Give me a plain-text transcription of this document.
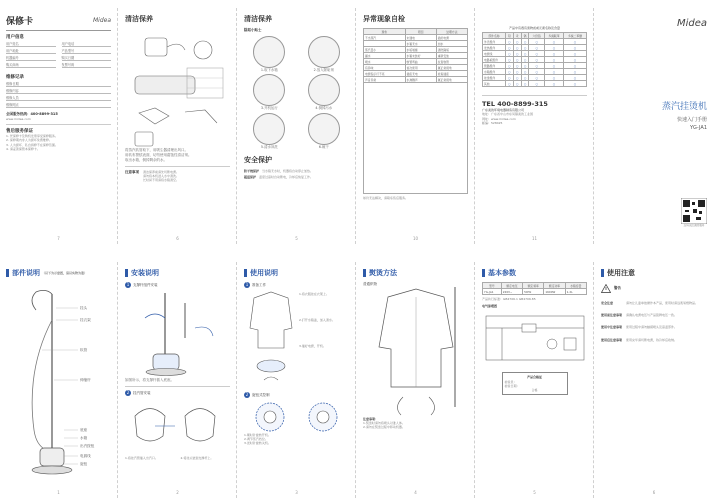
保修卡	Midea
用户信息
用户姓名	用户电话
用户地址	产品型号
机器编号	购买日期
购买商场	发票号码
维修记录
维修日期
维修内容
维修人员
维修网点
全国服务热线：400-8899-315
www.midea.com
售后服务保证
1. 凭保修卡及购机发票享受保修服务。
2. 保修期内非人为损坏免费维修。
3. 人为损坏、私自拆修不在保修范围。
4. 请妥善保管本保修卡。
7
清洁保养
将蒸汽软管取下，用吸尘器清理出风口。
用软布擦拭表面，切勿使用腐蚀性清洁剂。
取出水箱，倒掉剩余的水。
注意事项 清洁保养前请先切断电源。
请勿将本机浸入水中清洗。
长时间不用请将水箱清空。
6
清洁保养
除垢小贴士
1.取下水箱	2.放入除垢剂
3.开机运行	4.倒掉污水
5.清水冲洗	6.晾干
安全保护
防干烧保护 当水箱无水时，机器将自动停止加热。
超温保护 温度过高时自动断电，冷却后恢复工作。
5
异常现象自检
现象	原因	处理方法
不出蒸汽	未通电	插好电源
	水箱无水	加水
蒸汽量小	水垢堵塞	清洗除垢
漏水	水箱未装好	重新安装
喷水	软管弯曲	拉直软管
有异味	首次使用	属正常现象
电源指示灯不亮	插座无电	检查插座
声音异常	水沸腾声	属正常现象
如仍无法解决，请联系售后服务。
10
产品中有毒有害物质或元素名称及含量
部件名称	铅	汞	镉	六价铬	多溴联苯	多溴二苯醚
外壳组件	○	○	○	○	○	○
发热组件	○	○	○	○	○	○
电源线	○	○	○	○	○	○
电路板组件	○	○	○	○	○	○
管路组件	○	○	○	○	○	○
水箱组件	○	○	○	○	○	○
挂烫组件	○	○	○	○	○	○
其他	○	○	○	○	○	○
TEL 400-8899-315
广东美的环境电器制造有限公司
地址：广东省中山市东凤镇美的工业园
网址：www.midea.com
邮编：528425
11
Midea
蒸汽挂烫机
快速入门手册
YG-JA1
扫码关注美的服务
部件说明 （以下为示意图，请以实物为准）
挂头
挂衣架
软管
伸缩杆
底座
水箱
出汽按钮
电源线
旋钮
1
安装说明
1 支撑杆组件安装
如图所示，将支撑杆插入底座。
2 挂汽管安装
1.将挂汽管插入出汽口。	2.将挂头装到支撑杆上。
2
使用说明
1 准备工作
1.将衣服挂在衣架上。
2.打开水箱盖，加入清水。
3.插好电源，开机。
2 旋钮式控制
1.顺时针旋转开机。
2.调节蒸汽档位。
3.逆时针旋转关机。
3
熨烫方法
普通织物
注意事项：
1.熨烫时请勿将喷头对准人体。
2.请勿在熨烫过程中移动机器。
4
基本参数
型号	额定电压	额定频率	额定功率	水箱容量
YG-JA1	220V~	50Hz	1600W	1.2L
产品执行标准：GB4706.1 GB4706.85
电气原理图
产品合格证
检验员：
检验日期：
合格
5
使用注意
警告
安全注意	请勿让儿童单独操作本产品，使用时请远离易燃物品。
使用前注意事项	请确认电源电压与产品铭牌电压一致。
使用中注意事项	使用过程中请勿触摸喷头及高温部件。
使用后注意事项	使用完毕请切断电源，待冷却后收纳。
6
